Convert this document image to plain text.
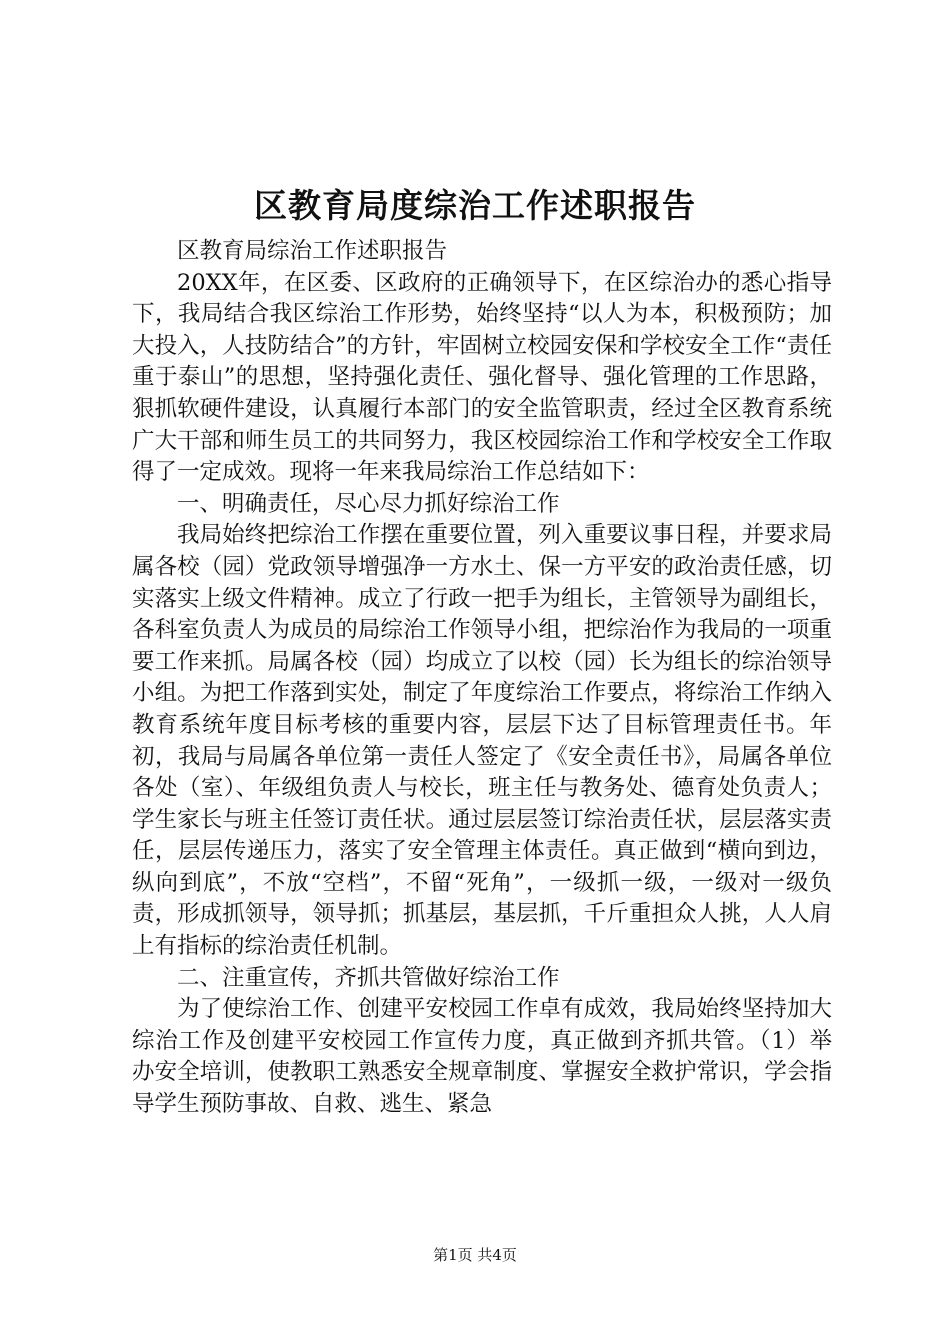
区教育局度综治工作述职报告

区教育局综治工作述职报告

20XX年，在区委、区政府的正确领导下，在区综治办的悉心指导下，我局结合我区综治工作形势，始终坚持“以人为本，积极预防；加大投入，人技防结合”的方针，牢固树立校园安保和学校安全工作“责任重于泰山”的思想，坚持强化责任、强化督导、强化管理的工作思路，狠抓软硬件建设，认真履行本部门的安全监管职责，经过全区教育系统广大干部和师生员工的共同努力，我区校园综治工作和学校安全工作取得了一定成效。现将一年来我局综治工作总结如下：

一、明确责任，尽心尽力抓好综治工作

我局始终把综治工作摆在重要位置，列入重要议事日程，并要求局属各校（园）党政领导增强净一方水土、保一方平安的政治责任感，切实落实上级文件精神。成立了行政一把手为组长，主管领导为副组长，各科室负责人为成员的局综治工作领导小组，把综治作为我局的一项重要工作来抓。局属各校（园）均成立了以校（园）长为组长的综治领导小组。为把工作落到实处，制定了年度综治工作要点，将综治工作纳入教育系统年度目标考核的重要内容，层层下达了目标管理责任书。年初，我局与局属各单位第一责任人签定了《安全责任书》，局属各单位各处（室）、年级组负责人与校长，班主任与教务处、德育处负责人；学生家长与班主任签订责任状。通过层层签订综治责任状，层层落实责任，层层传递压力，落实了安全管理主体责任。真正做到“横向到边，纵向到底”，不放“空档”，不留“死角”，一级抓一级，一级对一级负责，形成抓领导，领导抓；抓基层，基层抓，千斤重担众人挑，人人肩上有指标的综治责任机制。

二、注重宣传，齐抓共管做好综治工作

为了使综治工作、创建平安校园工作卓有成效，我局始终坚持加大综治工作及创建平安校园工作宣传力度，真正做到齐抓共管。（1）举办安全培训，使教职工熟悉安全规章制度、掌握安全救护常识，学会指导学生预防事故、自救、逃生、紧急

第1页 共4页
